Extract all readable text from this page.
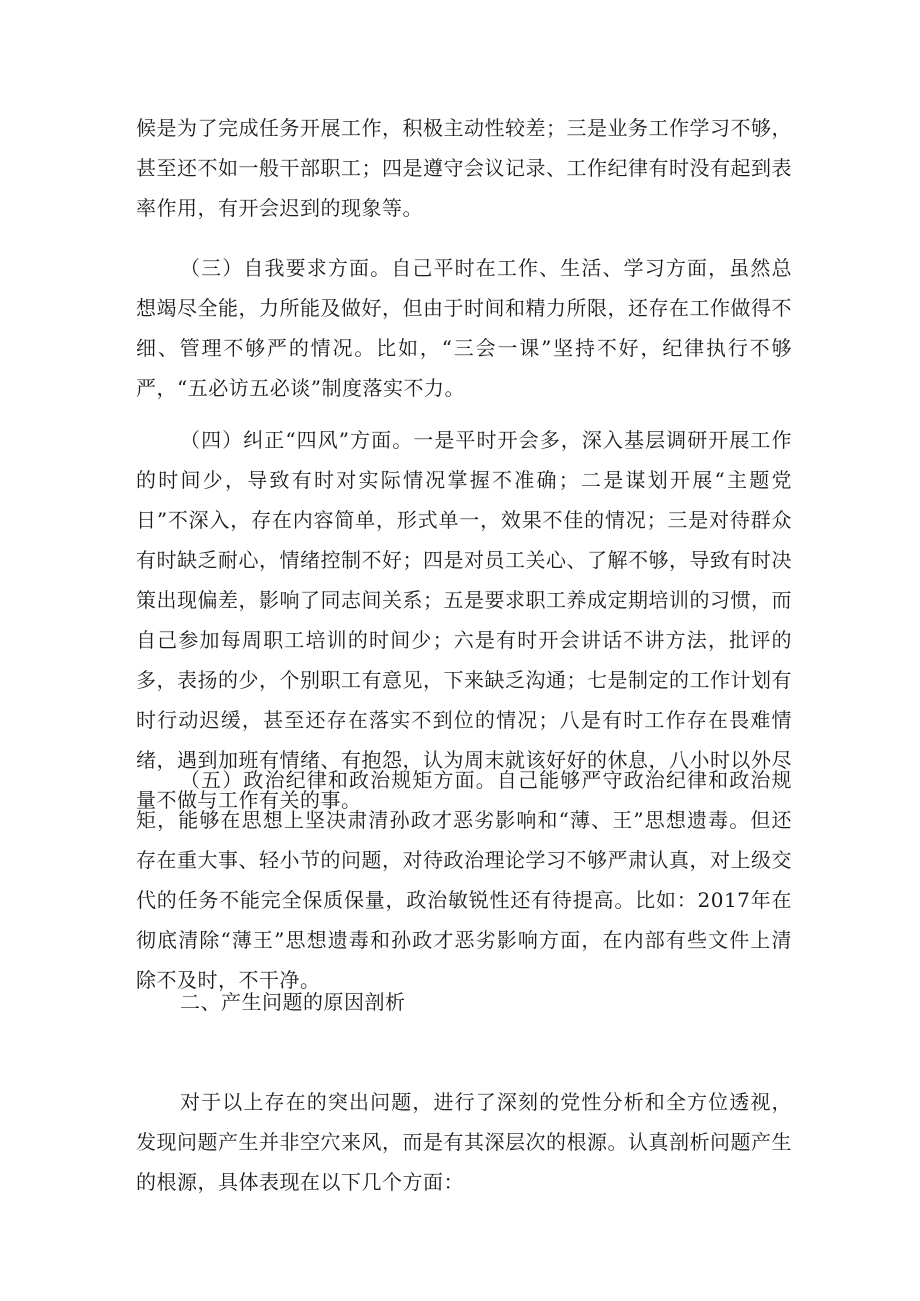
候是为了完成任务开展工作，积极主动性较差；三是业务工作学习不够，甚至还不如一般干部职工；四是遵守会议记录、工作纪律有时没有起到表率作用，有开会迟到的现象等。

（三）自我要求方面。自己平时在工作、生活、学习方面，虽然总想竭尽全能，力所能及做好，但由于时间和精力所限，还存在工作做得不细、管理不够严的情况。比如，“三会一课”坚持不好，纪律执行不够严，“五必访五必谈”制度落实不力。

（四）纠正“四风”方面。一是平时开会多，深入基层调研开展工作的时间少，导致有时对实际情况掌握不准确；二是谋划开展“主题党日”不深入，存在内容简单，形式单一，效果不佳的情况；三是对待群众有时缺乏耐心，情绪控制不好；四是对员工关心、了解不够，导致有时决策出现偏差，影响了同志间关系；五是要求职工养成定期培训的习惯，而自己参加每周职工培训的时间少；六是有时开会讲话不讲方法，批评的多，表扬的少，个别职工有意见，下来缺乏沟通；七是制定的工作计划有时行动迟缓，甚至还存在落实不到位的情况；八是有时工作存在畏难情绪，遇到加班有情绪、有抱怨，认为周末就该好好的休息，八小时以外尽量不做与工作有关的事。

（五）政治纪律和政治规矩方面。自己能够严守政治纪律和政治规矩，能够在思想上坚决肃清孙政才恶劣影响和“薄、王”思想遗毒。但还存在重大事、轻小节的问题，对待政治理论学习不够严肃认真，对上级交代的任务不能完全保质保量，政治敏锐性还有待提高。比如：2017年在彻底清除“薄王”思想遗毒和孙政才恶劣影响方面，在内部有些文件上清除不及时，不干净。

二、产生问题的原因剖析

对于以上存在的突出问题，进行了深刻的党性分析和全方位透视，发现问题产生并非空穴来风，而是有其深层次的根源。认真剖析问题产生的根源，具体表现在以下几个方面：
